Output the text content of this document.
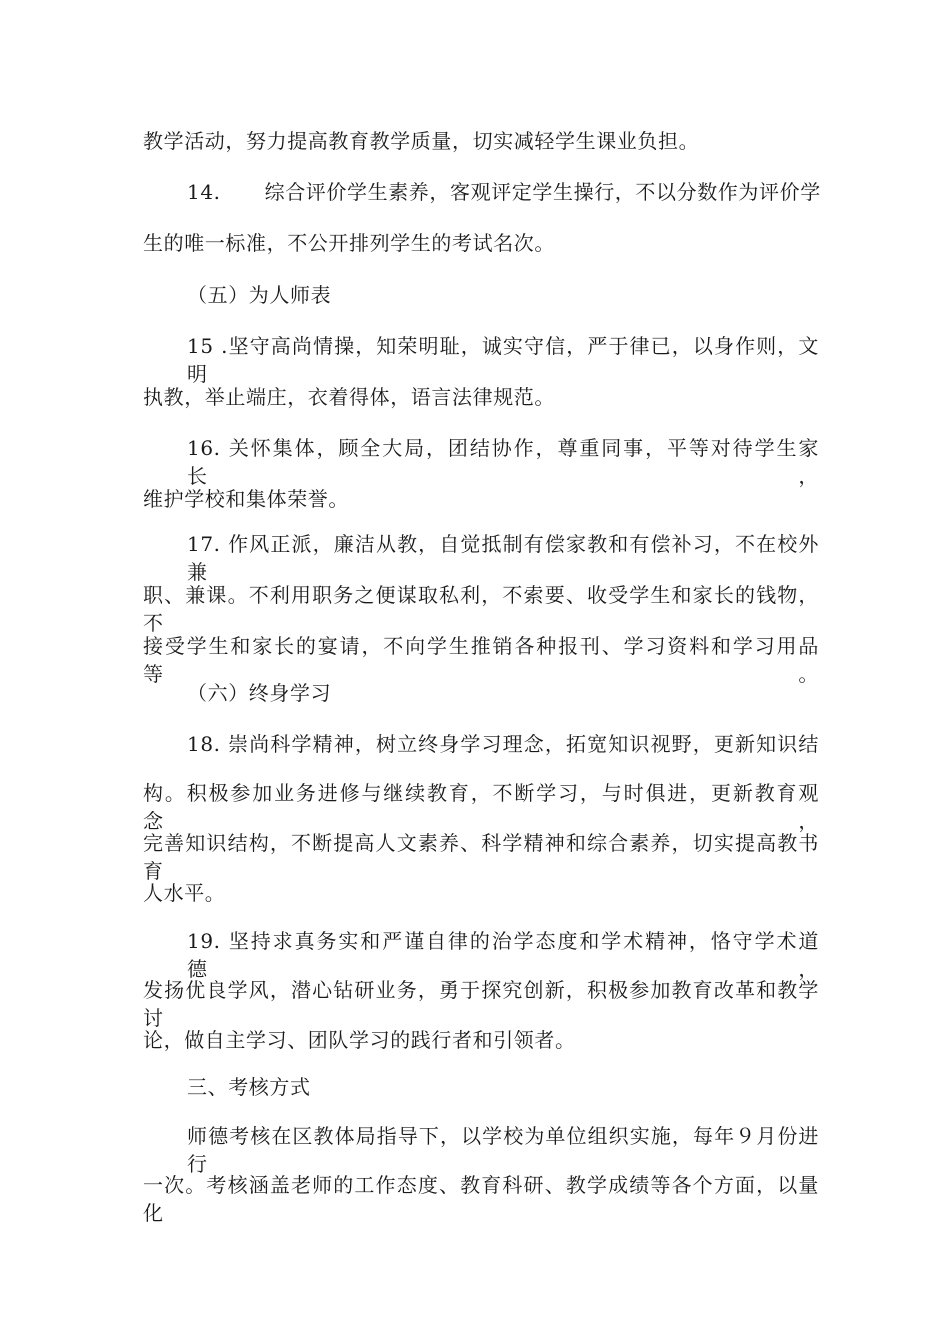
教学活动，努力提高教育教学质量，切实减轻学生课业负担。
14. 综合评价学生素养，客观评定学生操行，不以分数作为评价学
生的唯一标准，不公开排列学生的考试名次。
（五）为人师表
15 .坚守高尚情操，知荣明耻，诚实守信，严于律已，以身作则，文明
执教，举止端庄，衣着得体，语言法律规范。
16. 关怀集体，顾全大局，团结协作，尊重同事，平等对待学生家长，
维护学校和集体荣誉。
17. 作风正派，廉洁从教，自觉抵制有偿家教和有偿补习，不在校外兼
职、兼课。不利用职务之便谋取私利，不索要、收受学生和家长的钱物，不
接受学生和家长的宴请，不向学生推销各种报刊、学习资料和学习用品等。
（六）终身学习
18. 崇尚科学精神，树立终身学习理念，拓宽知识视野，更新知识结
构。积极参加业务进修与继续教育，不断学习，与时俱进，更新教育观念，
完善知识结构，不断提高人文素养、科学精神和综合素养，切实提高教书育
人水平。
19. 坚持求真务实和严谨自律的治学态度和学术精神，恪守学术道德，
发扬优良学风，潜心钻研业务，勇于探究创新，积极参加教育改革和教学讨
论，做自主学习、团队学习的践行者和引领者。
三、考核方式
师德考核在区教体局指导下，以学校为单位组织实施，每年９月份进行
一次。考核涵盖老师的工作态度、教育科研、教学成绩等各个方面，以量化
